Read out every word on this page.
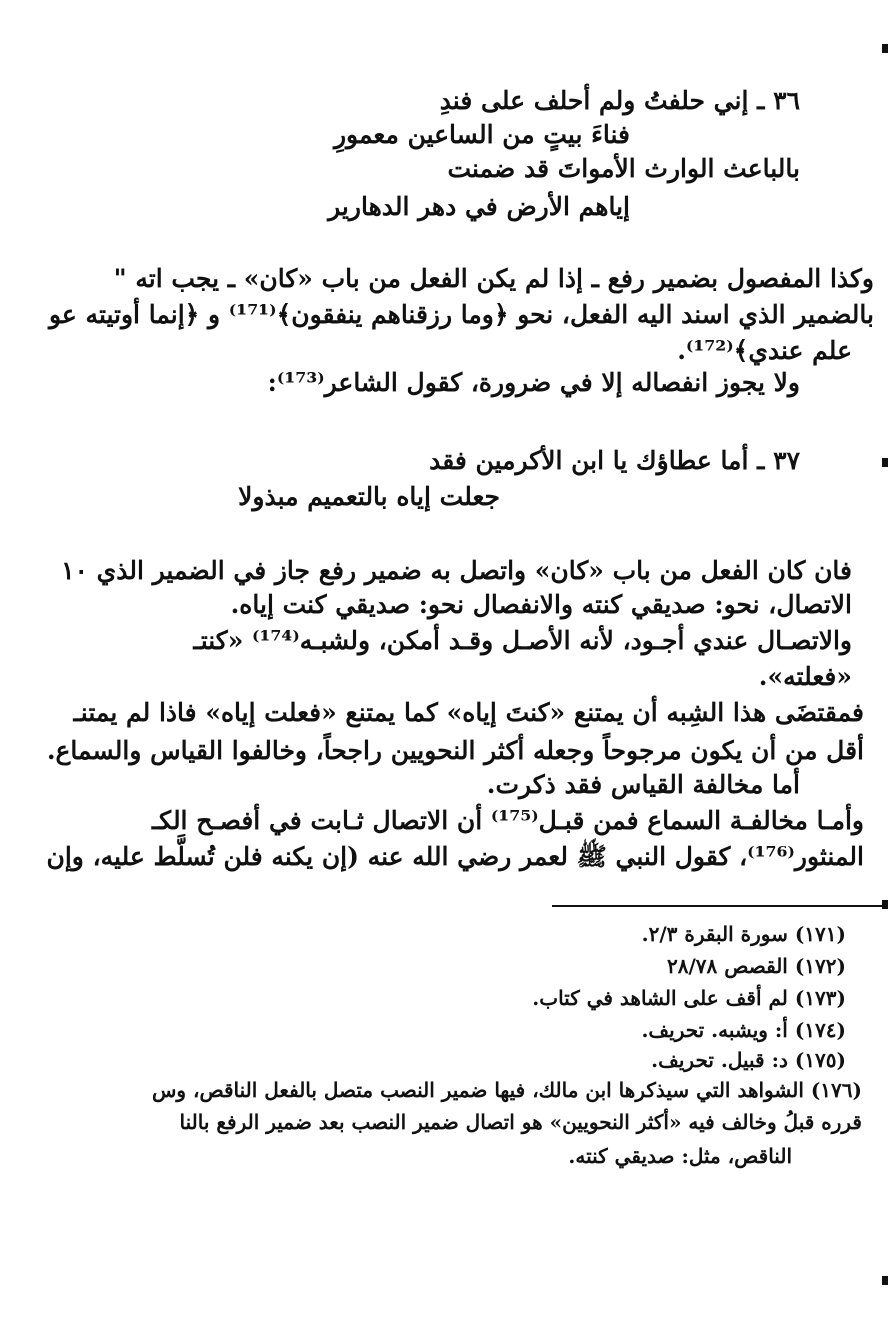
٣٦ ـ إني حلفتُ ولم أحلف على فندِ
فناءَ بيتٍ من الساعين معمورِ
بالباعث الوارث الأمواتَ قد ضمنت
إياهم الأرض في دهر الدهارير
وكذا المفصول بضمير رفع ـ إذا لم يكن الفعل من باب «كان» ـ يجب اته "
بالضمير الذي اسند اليه الفعل، نحو ﴿وما رزقناهم ينفقون﴾⁽¹⁷¹⁾ و ﴿إنما أوتيته عو
علم عندي﴾⁽¹⁷²⁾.
ولا يجوز انفصاله إلا في ضرورة، كقول الشاعر⁽¹⁷³⁾:
٣٧ ـ أما عطاؤك يا ابن الأكرمين فقد
جعلت إياه بالتعميم مبذولا
فان كان الفعل من باب «كان» واتصل به ضمير رفع جاز في الضمير الذي ١٠
الاتصال، نحو: صديقي كنته والانفصال نحو: صديقي كنت إياه.
والاتصـال عندي أجـود، لأنه الأصـل وقـد أمكن، ولشبـه⁽¹⁷⁴⁾ «كنتـ
«فعلته».
فمقتضَى هذا الشِبه أن يمتنع «كنتَ إياه» كما يمتنع «فعلت إياه» فاذا لم يمتنـ
أقل من أن يكون مرجوحاً وجعله أكثر النحويين راجحاً، وخالفوا القياس والسماع.
أما مخالفة القياس فقد ذكرت.
وأمـا مخالفـة السماع فمن قبـل⁽¹⁷⁵⁾ أن الاتصال ثـابت في أفصـح الكـ
المنثور⁽¹⁷⁶⁾، كقول النبي ﷺ لعمر رضي الله عنه (إن يكنه فلن تُسلَّط عليه، وإن
(١٧١) سورة البقرة ٢/٣.
(١٧٢) القصص ٢٨/٧٨
(١٧٣) لم أقف على الشاهد في كتاب.
(١٧٤) أ: ويشبه. تحريف.
(١٧٥) د: قبيل. تحريف.
(١٧٦) الشواهد التي سيذكرها ابن مالك، فيها ضمير النصب متصل بالفعل الناقص، وس
قرره قبلُ وخالف فيه «أكثر النحويين» هو اتصال ضمير النصب بعد ضمير الرفع بالنا
الناقص، مثل: صديقي كنته.
